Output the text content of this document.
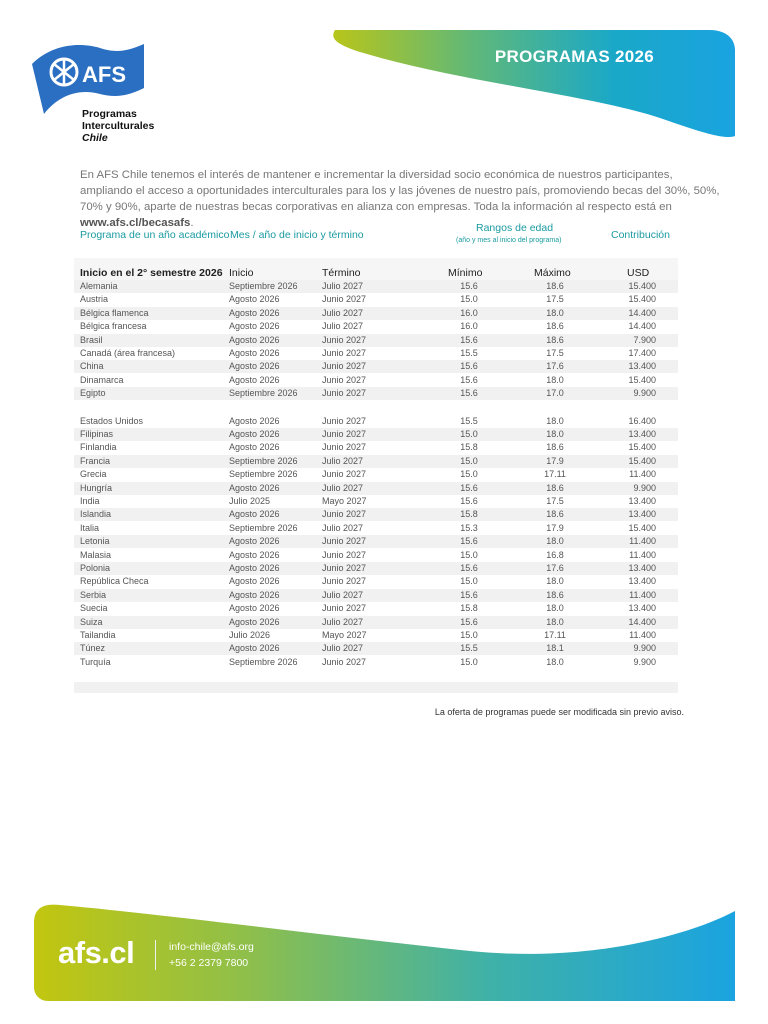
PROGRAMAS 2026
AFS
Programas
Interculturales
Chile
En AFS Chile tenemos el interés de mantener e incrementar la diversidad socio económica de nuestros participantes, ampliando el acceso a oportunidades interculturales para los y las jóvenes de nuestro país, promoviendo becas del 30%, 50%, 70% y 90%, aparte de nuestras becas corporativas en alianza con empresas. Toda la información al respecto está en www.afs.cl/becasafs.
Programa de un año académico Mes / año de inicio y término
Rangos de edad
(año y mes al inicio del programa)	Contribución
Inicio en el 2° semestre 2026 Inicio	Término	Mínimo	Máximo	USD
Alemania	Septiembre 2026	Julio 2027	15.6	18.6	15.400
Austria	Agosto 2026	Junio 2027	15.0	17.5	15.400
Bélgica flamenca	Agosto 2026	Julio 2027	16.0	18.0	14.400
Bélgica francesa	Agosto 2026	Julio 2027	16.0	18.6	14.400
Brasil	Agosto 2026	Junio 2027	15.6	18.6	7.900
Canadá (área francesa)	Agosto 2026	Junio 2027	15.5	17.5	17.400
China	Agosto 2026	Junio 2027	15.6	17.6	13.400
Dinamarca	Agosto 2026	Junio 2027	15.6	18.0	15.400
Egipto	Septiembre 2026	Junio 2027	15.6	17.0	9.900
Estados Unidos	Agosto 2026	Junio 2027	15.5	18.0	16.400
Filipinas	Agosto 2026	Junio 2027	15.0	18.0	13.400
Finlandia	Agosto 2026	Junio 2027	15.8	18.6	15.400
Francia	Septiembre 2026	Julio 2027	15.0	17.9	15.400
Grecia	Septiembre 2026	Junio 2027	15.0	17.11	11.400
Hungría	Agosto 2026	Julio 2027	15.6	18.6	9.900
India	Julio 2025	Mayo 2027	15.6	17.5	13.400
Islandia	Agosto 2026	Junio 2027	15.8	18.6	13.400
Italia	Septiembre 2026	Julio 2027	15.3	17.9	15.400
Letonia	Agosto 2026	Junio 2027	15.6	18.0	11.400
Malasia	Agosto 2026	Junio 2027	15.0	16.8	11.400
Polonia	Agosto 2026	Junio 2027	15.6	17.6	13.400
República Checa	Agosto 2026	Junio 2027	15.0	18.0	13.400
Serbia	Agosto 2026	Julio 2027	15.6	18.6	11.400
Suecia	Agosto 2026	Junio 2027	15.8	18.0	13.400
Suiza	Agosto 2026	Julio 2027	15.6	18.0	14.400
Tailandia	Julio 2026	Mayo 2027	15.0	17.11	11.400
Túnez	Agosto 2026	Julio 2027	15.5	18.1	9.900
Turquía	Septiembre 2026	Junio 2027	15.0	18.0	9.900
La oferta de programas puede ser modificada sin previo aviso.
afs.cl	info-chile@afs.org
+56 2 2379 7800
